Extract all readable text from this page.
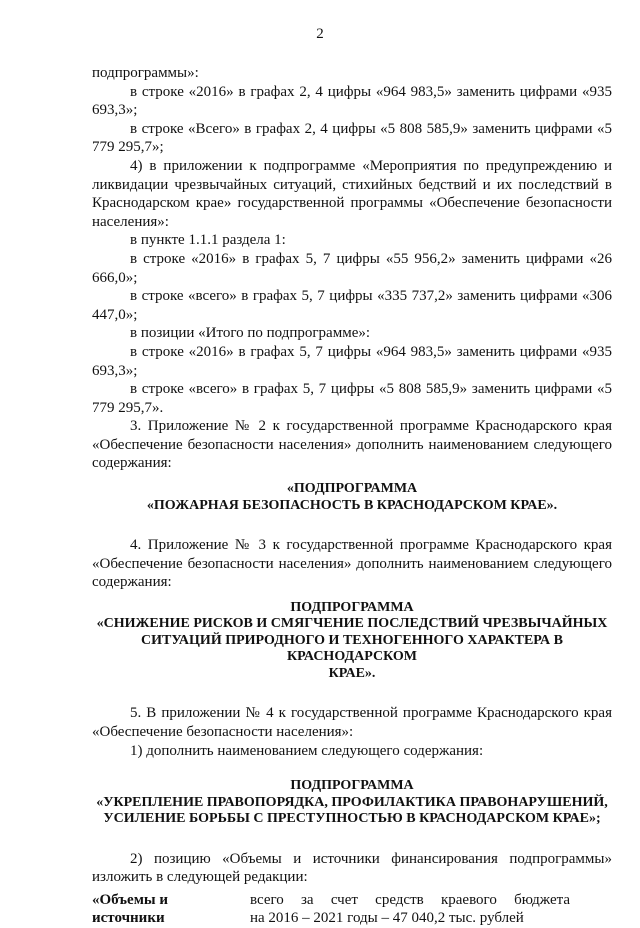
2

подпрограммы»:

в строке «2016» в графах 2, 4 цифры «964 983,5» заменить цифрами «935 693,3»;

в строке «Всего» в графах 2, 4 цифры «5 808 585,9» заменить цифрами «5 779 295,7»;

4) в приложении к подпрограмме «Мероприятия по предупреждению и ликвидации чрезвычайных ситуаций, стихийных бедствий и их последствий в Краснодарском крае» государственной программы «Обеспечение безопасности населения»:

в пункте 1.1.1 раздела 1:

в строке «2016» в графах 5, 7 цифры «55 956,2» заменить цифрами «26 666,0»;

в строке «всего» в графах 5, 7 цифры «335 737,2» заменить цифрами «306 447,0»;

в позиции «Итого по подпрограмме»:

в строке «2016» в графах 5, 7 цифры «964 983,5» заменить цифрами «935 693,3»;

в строке «всего» в графах 5, 7 цифры «5 808 585,9» заменить цифрами «5 779 295,7».

3. Приложение № 2 к государственной программе Краснодарского края «Обеспечение безопасности населения» дополнить наименованием следующего содержания:

«ПОДПРОГРАММА

«ПОЖАРНАЯ БЕЗОПАСНОСТЬ В КРАСНОДАРСКОМ КРАЕ».

4. Приложение № 3 к государственной программе Краснодарского края «Обеспечение безопасности населения» дополнить наименованием следующего содержания:

ПОДПРОГРАММА

«СНИЖЕНИЕ РИСКОВ И СМЯГЧЕНИЕ ПОСЛЕДСТВИЙ ЧРЕЗВЫЧАЙНЫХ

СИТУАЦИЙ ПРИРОДНОГО И ТЕХНОГЕННОГО ХАРАКТЕРА В КРАСНОДАРСКОМ

КРАЕ».

5. В приложении № 4 к государственной программе Краснодарского края «Обеспечение безопасности населения»:

1) дополнить наименованием следующего содержания:

ПОДПРОГРАММА

«УКРЕПЛЕНИЕ ПРАВОПОРЯДКА, ПРОФИЛАКТИКА ПРАВОНАРУШЕНИЙ,

УСИЛЕНИЕ БОРЬБЫ С ПРЕСТУПНОСТЬЮ В КРАСНОДАРСКОМ КРАЕ»;

2) позицию «Объемы и источники финансирования подпрограммы» изложить в следующей редакции:

«Объемы и
источники
всего за счет средств краевого бюджета
на 2016 – 2021 годы – 47 040,2 тыс. рублей
